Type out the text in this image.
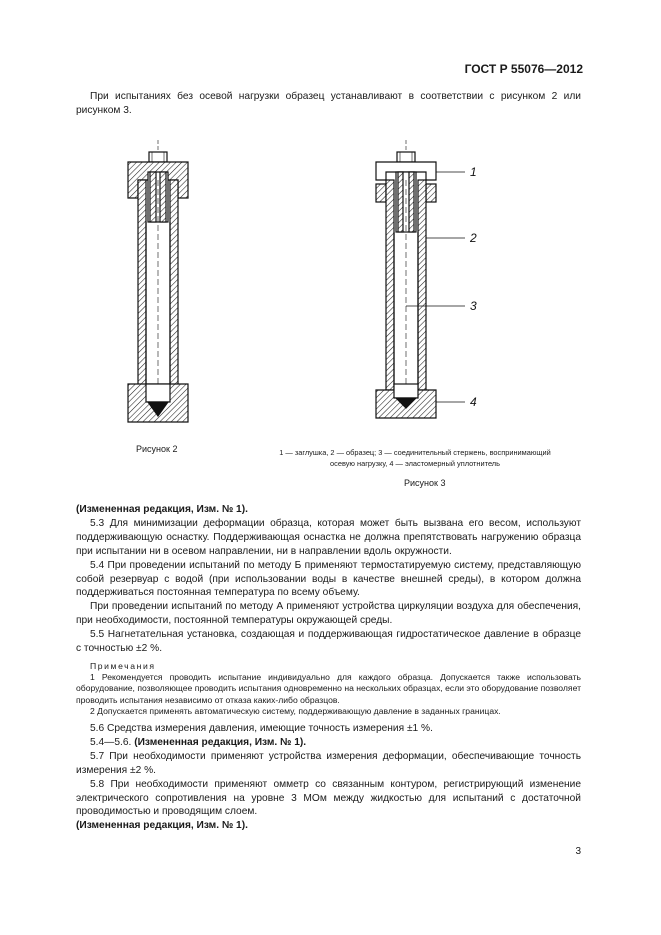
ГОСТ Р 55076—2012

При испытаниях без осевой нагрузки образец устанавливают в соответствии с рисунком 2 или рисунком 3.

1
2
3
4
Рисунок 2	1 — заглушка, 2 — образец; 3 — соединительный стержень, воспринимающий осевую нагрузку, 4 — эластомерный уплотнитель
Рисунок 3

(Измененная редакция, Изм. № 1).

5.3 Для минимизации деформации образца, которая может быть вызвана его весом, используют поддерживающую оснастку. Поддерживающая оснастка не должна препятствовать нагружению образца при испытании ни в осевом направлении, ни в направлении вдоль окружности.

5.4 При проведении испытаний по методу Б применяют термостатируемую систему, представляющую собой резервуар с водой (при использовании воды в качестве внешней среды), в котором должна поддерживаться постоянная температура по всему объему.

При проведении испытаний по методу А применяют устройства циркуляции воздуха для обеспечения, при необходимости, постоянной температуры окружающей среды.

5.5 Нагнетательная установка, создающая и поддерживающая гидростатическое давление в образце с точностью ±2 %.

Примечания

1 Рекомендуется проводить испытание индивидуально для каждого образца. Допускается также использовать оборудование, позволяющее проводить испытания одновременно на нескольких образцах, если это оборудование позволяет проводить испытания независимо от отказа каких-либо образцов.

2 Допускается применять автоматическую систему, поддерживающую давление в заданных границах.

5.6 Средства измерения давления, имеющие точность измерения ±1 %.

5.4—5.6. (Измененная редакция, Изм. № 1).

5.7 При необходимости применяют устройства измерения деформации, обеспечивающие точность измерения ±2 %.

5.8 При необходимости применяют омметр со связанным контуром, регистрирующий изменение электрического сопротивления на уровне 3 МОм между жидкостью для испытаний с достаточной проводимостью и проводящим слоем.

(Измененная редакция, Изм. № 1).

3
